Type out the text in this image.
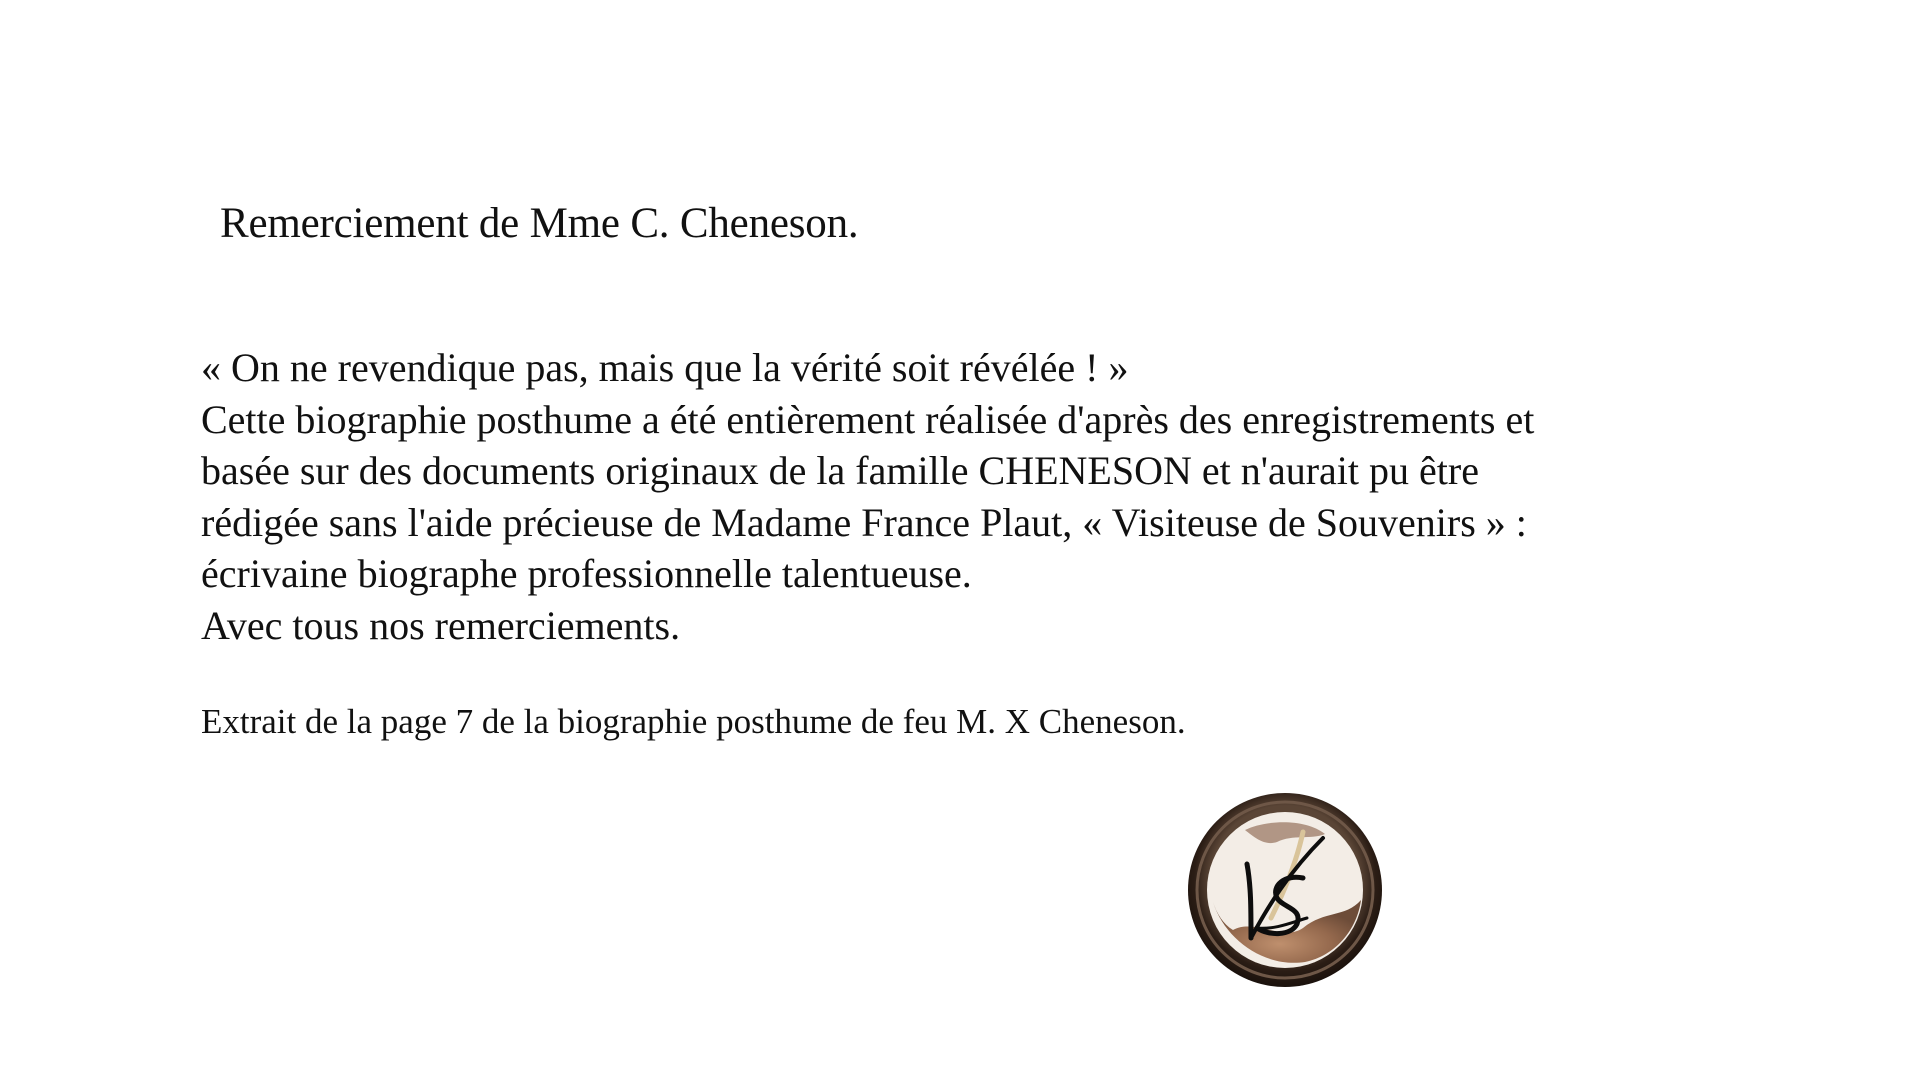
Remerciement de Mme C. Cheneson.
« On ne revendique pas, mais que la vérité soit révélée ! »
Cette biographie posthume a été entièrement réalisée d'après des enregistrements et
basée sur des documents originaux de la famille CHENESON et n'aurait pu être
rédigée sans l'aide précieuse de Madame France Plaut, « Visiteuse de Souvenirs » :
écrivaine biographe professionnelle talentueuse.
Avec tous nos remerciements.
Extrait de la page 7 de la biographie posthume de feu M. X Cheneson.
